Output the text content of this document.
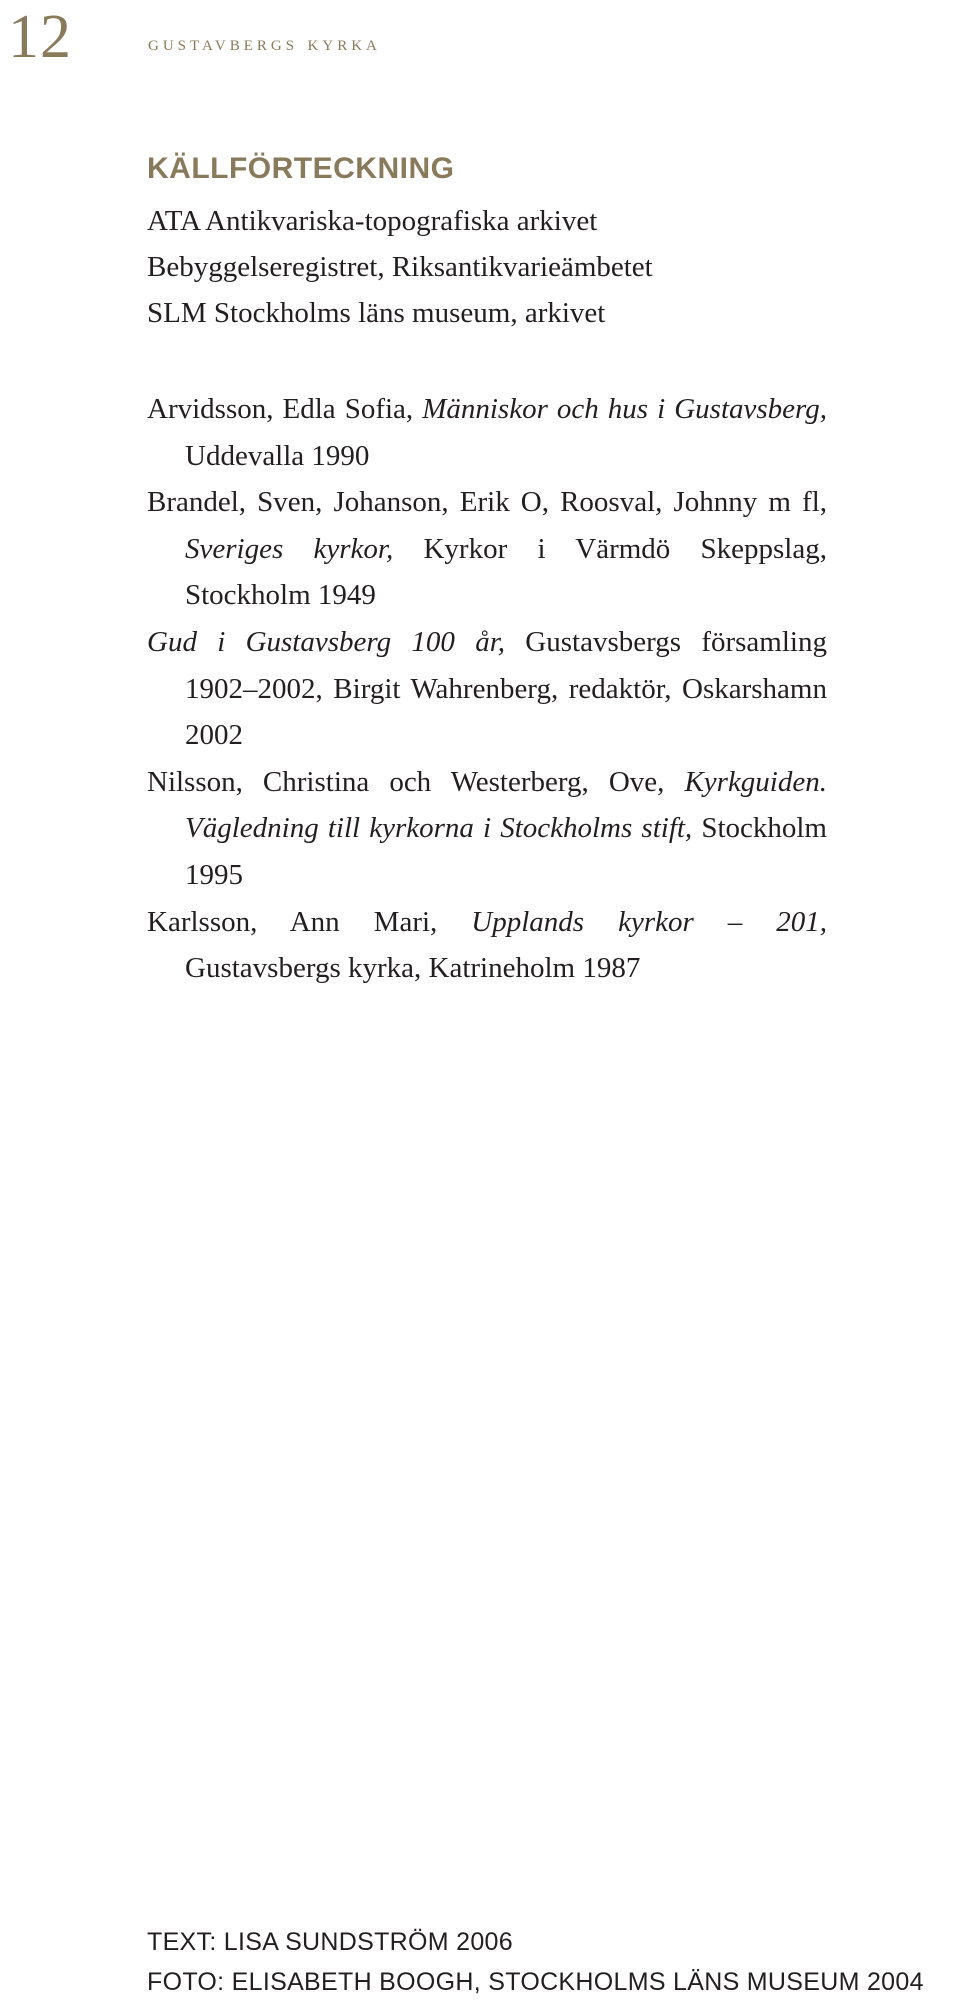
12	gustavbergs kyrka
KÄLLFÖRTECKNING
ATA Antikvariska-topografiska arkivet
Bebyggelseregistret, Riksantikvarieämbetet
SLM Stockholms läns museum, arkivet
Arvidsson, Edla Sofia, Människor och hus i Gustavsberg, Uddevalla 1990
Brandel, Sven, Johanson, Erik O, Roosval, Johnny m fl, Sveriges kyrkor, Kyrkor i Värmdö Skeppslag, Stockholm 1949
Gud i Gustavsberg 100 år, Gustavsbergs församling 1902–2002, Birgit Wahrenberg, redaktör, Oskarshamn 2002
Nilsson, Christina och Westerberg, Ove, Kyrkguiden. Vägledning till kyrkorna i Stockholms stift, Stockholm 1995
Karlsson, Ann Mari, Upplands kyrkor – 201, Gustavsbergs kyrka, Katrineholm 1987
TEXT: LISA SUNDSTRÖM 2006
FOTO: ELISABETH BOOGH, STOCKHOLMS LÄNS MUSEUM 2004
